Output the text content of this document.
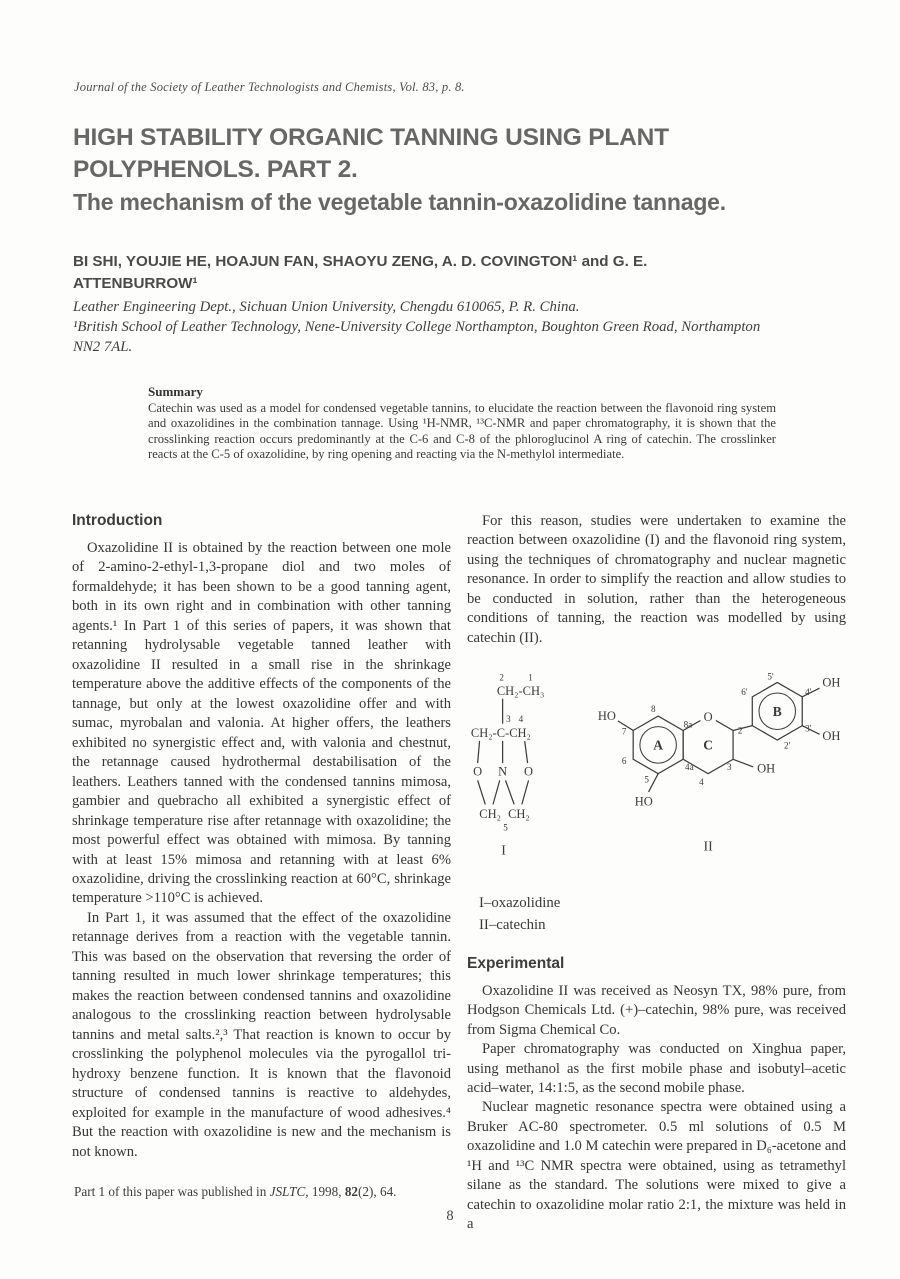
Journal of the Society of Leather Technologists and Chemists, Vol. 83, p. 8.
HIGH STABILITY ORGANIC TANNING USING PLANT POLYPHENOLS. PART 2.
The mechanism of the vegetable tannin-oxazolidine tannage.
BI SHI, YOUJIE HE, HOAJUN FAN, SHAOYU ZENG, A. D. COVINGTON¹ and G. E. ATTENBURROW¹
Leather Engineering Dept., Sichuan Union University, Chengdu 610065, P. R. China.
¹British School of Leather Technology, Nene-University College Northampton, Boughton Green Road, Northampton NN2 7AL.

Summary

Catechin was used as a model for condensed vegetable tannins, to elucidate the reaction between the flavonoid ring system and oxazolidines in the combination tannage. Using ¹H-NMR, ¹³C-NMR and paper chromatography, it is shown that the crosslinking reaction occurs predominantly at the C-6 and C-8 of the phloroglucinol A ring of catechin. The crosslinker reacts at the C-5 of oxazolidine, by ring opening and reacting via the N-methylol intermediate.

Introduction

Oxazolidine II is obtained by the reaction between one mole of 2-amino-2-ethyl-1,3-propane diol and two moles of formaldehyde; it has been shown to be a good tanning agent, both in its own right and in combination with other tanning agents.¹ In Part 1 of this series of papers, it was shown that retanning hydrolysable vegetable tanned leather with oxazolidine II resulted in a small rise in the shrinkage temperature above the additive effects of the components of the tannage, but only at the lowest oxazolidine offer and with sumac, myrobalan and valonia. At higher offers, the leathers exhibited no synergistic effect and, with valonia and chestnut, the retannage caused hydrothermal destabilisation of the leathers. Leathers tanned with the condensed tannins mimosa, gambier and quebracho all exhibited a synergistic effect of shrinkage temperature rise after retannage with oxazolidine; the most powerful effect was obtained with mimosa. By tanning with at least 15% mimosa and retanning with at least 6% oxazolidine, driving the crosslinking reaction at 60°C, shrinkage temperature >110°C is achieved.

In Part 1, it was assumed that the effect of the oxazolidine retannage derives from a reaction with the vegetable tannin. This was based on the observation that reversing the order of tanning resulted in much lower shrinkage temperatures; this makes the reaction between condensed tannins and oxazolidine analogous to the crosslinking reaction between hydrolysable tannins and metal salts.²,³ That reaction is known to occur by crosslinking the polyphenol molecules via the pyrogallol tri-hydroxy benzene function. It is known that the flavonoid structure of condensed tannins is reactive to aldehydes, exploited for example in the manufacture of wood adhesives.⁴ But the reaction with oxazolidine is new and the mechanism is not known.

For this reason, studies were undertaken to examine the reaction between oxazolidine (I) and the flavonoid ring system, using the techniques of chromatography and nuclear magnetic resonance. In order to simplify the reaction and allow studies to be conducted in solution, rather than the heterogeneous conditions of tanning, the reaction was modelled by using catechin (II).

2	1
CH₂-CH₃
3 4
CH₂-C-CH₂
O N O
CH₂ CH₂
5
I
O
HO
HO
OH
OH
OH
A
B
C
8
8a
7
6
5
4a
4
3
2
2'
3'
4'
5'
6'
II
I–oxazolidine
II–catechin
Experimental

Oxazolidine II was received as Neosyn TX, 98% pure, from Hodgson Chemicals Ltd. (+)–catechin, 98% pure, was received from Sigma Chemical Co.

Paper chromatography was conducted on Xinghua paper, using methanol as the first mobile phase and isobutyl–acetic acid–water, 14:1:5, as the second mobile phase.

Nuclear magnetic resonance spectra were obtained using a Bruker AC-80 spectrometer. 0.5 ml solutions of 0.5 M oxazolidine and 1.0 M catechin were prepared in D₆-acetone and ¹H and ¹³C NMR spectra were obtained, using as tetramethyl silane as the standard. The solutions were mixed to give a catechin to oxazolidine molar ratio 2:1, the mixture was held in a

Part 1 of this paper was published in JSLTC, 1998, 82(2), 64.
8
